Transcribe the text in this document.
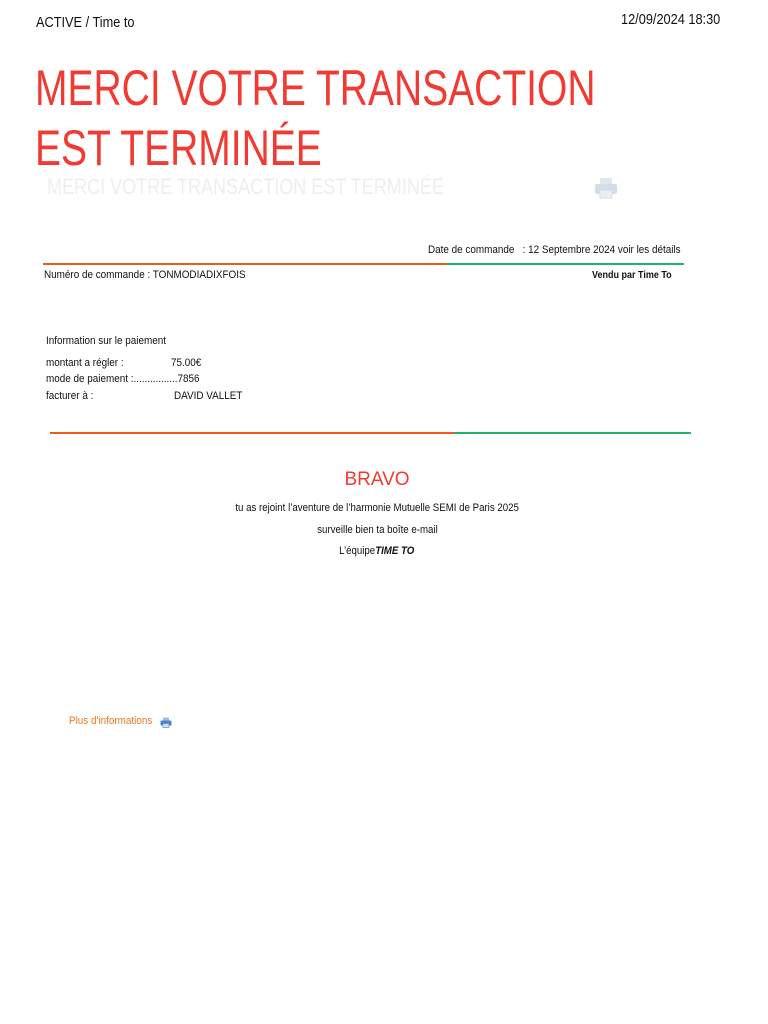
ACTIVE / Time to	12/09/2024 18:30
MERCI VOTRE TRANSACTION
EST TERMINÉE
MERCI VOTRE TRANSACTION EST TERMINÉE
Date de commande : 12 Septembre 2024 voir les détails
Numéro de commande : TONMODIADIXFOIS	Vendu par Time To
Information sur le paiement
montant a régler :	75.00€
mode de paiement :................7856
facturer à :	DAVID VALLET
BRAVO
tu as rejoint l’aventure de l’harmonie Mutuelle SEMI de Paris 2025
surveille bien ta boîte e-mail
L’équipeTIME TO
Plus d'informations
